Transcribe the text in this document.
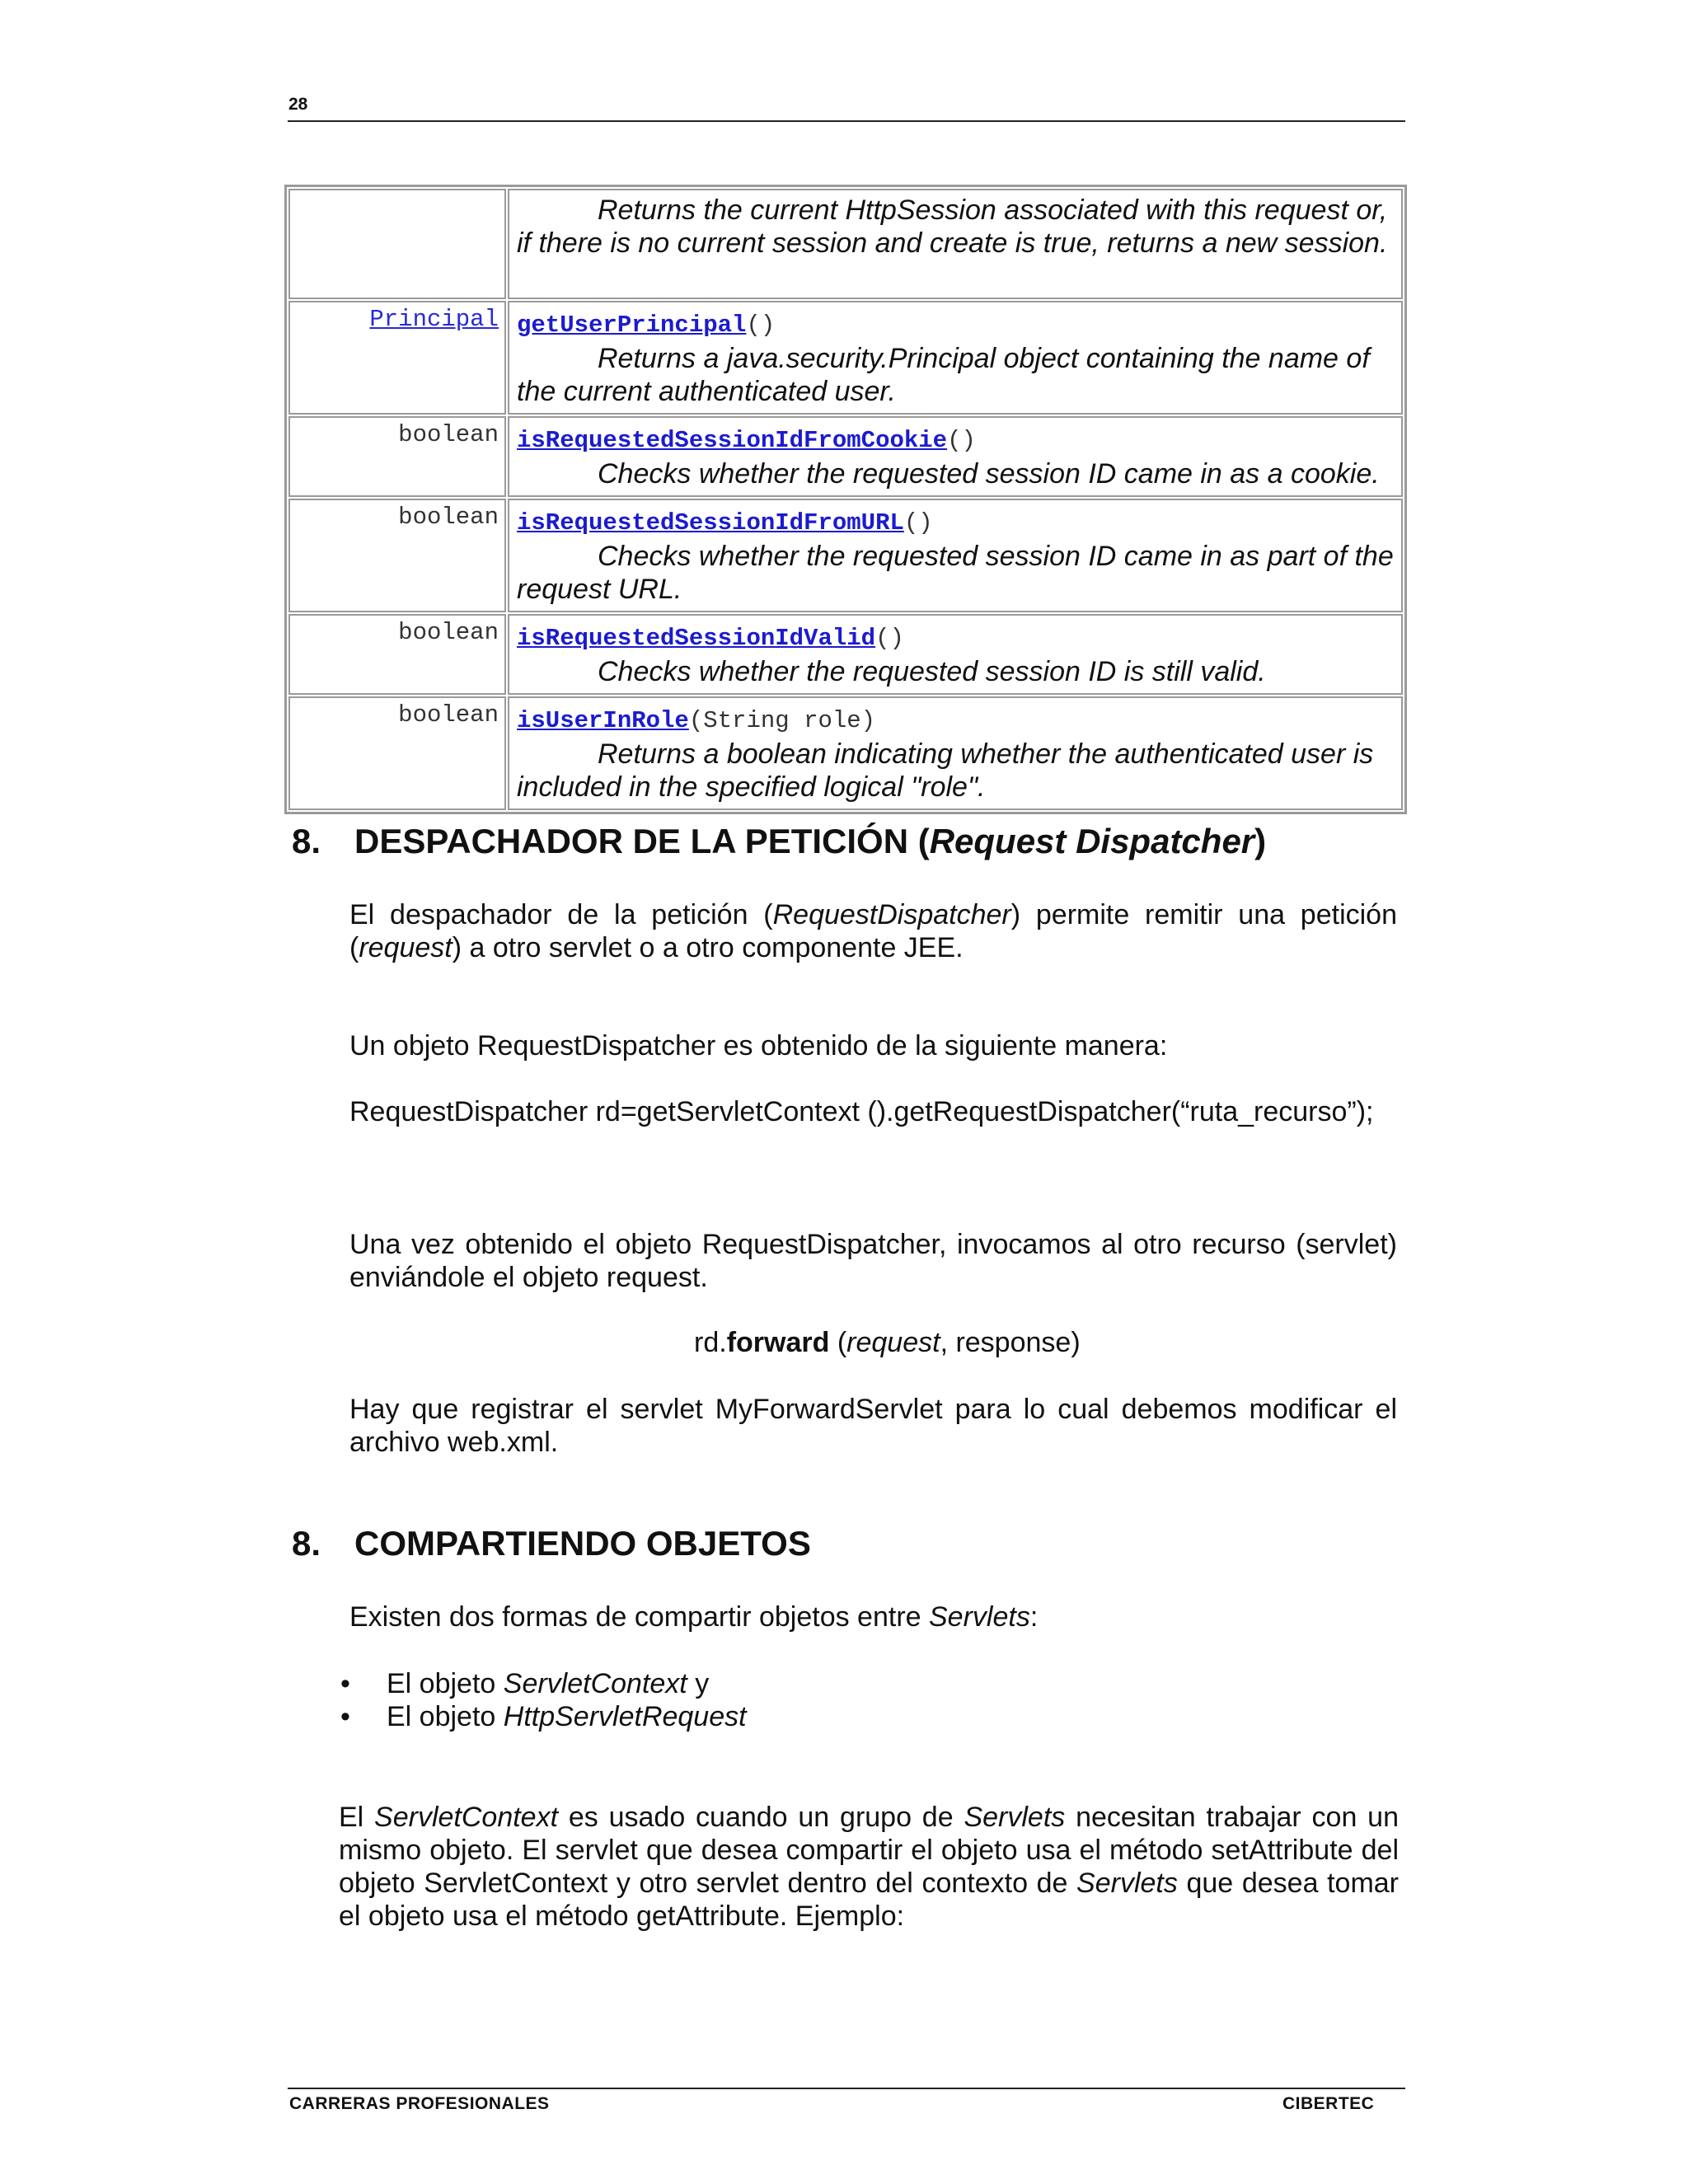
28
	Returns the current HttpSession associated with this request or, if there is no current session and create is true, returns a new session.
Principal	getUserPrincipal()
Returns a java.security.Principal object containing the name of the current authenticated user.
boolean	isRequestedSessionIdFromCookie()
Checks whether the requested session ID came in as a cookie.
boolean	isRequestedSessionIdFromURL()
Checks whether the requested session ID came in as part of the request URL.
boolean	isRequestedSessionIdValid()
Checks whether the requested session ID is still valid.
boolean	isUserInRole(String role)
Returns a boolean indicating whether the authenticated user is included in the specified logical "role".
8. DESPACHADOR DE LA PETICIÓN (Request Dispatcher)
El despachador de la petición (RequestDispatcher) permite remitir una petición (request) a otro servlet o a otro componente JEE.
Un objeto RequestDispatcher es obtenido de la siguiente manera:
RequestDispatcher rd=getServletContext ().getRequestDispatcher(“ruta_recurso”);
Una vez obtenido el objeto RequestDispatcher, invocamos al otro recurso (servlet) enviándole el objeto request.
rd.forward (request, response)
Hay que registrar el servlet MyForwardServlet para lo cual debemos modificar el archivo web.xml.
8. COMPARTIENDO OBJETOS
Existen dos formas de compartir objetos entre Servlets:
• El objeto ServletContext y
• El objeto HttpServletRequest
El ServletContext es usado cuando un grupo de Servlets necesitan trabajar con un mismo objeto. El servlet que desea compartir el objeto usa el método setAttribute del objeto ServletContext y otro servlet dentro del contexto de Servlets que desea tomar el objeto usa el método getAttribute. Ejemplo:
CARRERAS PROFESIONALES	CIBERTEC
